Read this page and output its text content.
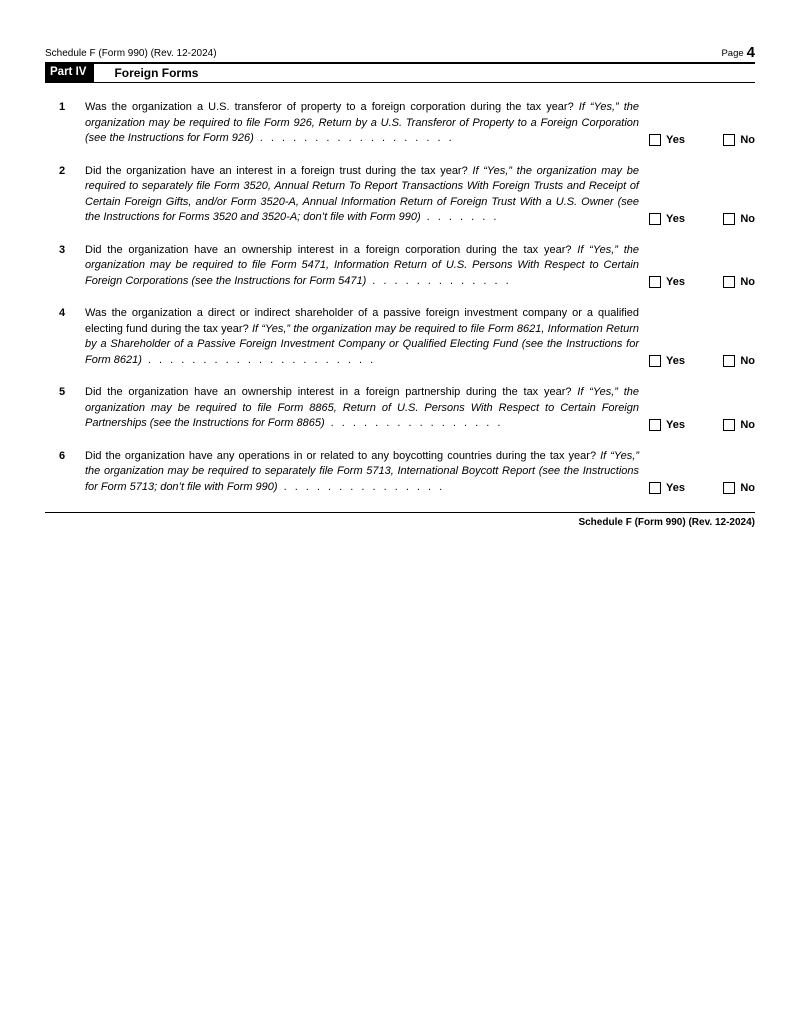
Schedule F (Form 990) (Rev. 12-2024)	Page 4
Part IV	Foreign Forms
1	Was the organization a U.S. transferor of property to a foreign corporation during the tax year? If “Yes,” the organization may be required to file Form 926, Return by a U.S. Transferor of Property to a Foreign Corporation (see the Instructions for Form 926) . . . . . . . . . . . . . . . . . .	Yes	No
2	Did the organization have an interest in a foreign trust during the tax year? If “Yes,” the organization may be required to separately file Form 3520, Annual Return To Report Transactions With Foreign Trusts and Receipt of Certain Foreign Gifts, and/or Form 3520-A, Annual Information Return of Foreign Trust With a U.S. Owner (see the Instructions for Forms 3520 and 3520-A; don’t file with Form 990) . . . . . . .	Yes	No
3	Did the organization have an ownership interest in a foreign corporation during the tax year? If “Yes,” the organization may be required to file Form 5471, Information Return of U.S. Persons With Respect to Certain Foreign Corporations (see the Instructions for Form 5471) . . . . . . . . . . . . .	Yes	No
4	Was the organization a direct or indirect shareholder of a passive foreign investment company or a qualified electing fund during the tax year? If “Yes,” the organization may be required to file Form 8621, Information Return by a Shareholder of a Passive Foreign Investment Company or Qualified Electing Fund (see the Instructions for Form 8621) . . . . . . . . . . . . . . . . . . . . .	Yes	No
5	Did the organization have an ownership interest in a foreign partnership during the tax year? If “Yes,” the organization may be required to file Form 8865, Return of U.S. Persons With Respect to Certain Foreign Partnerships (see the Instructions for Form 8865) . . . . . . . . . . . . . . . .	Yes	No
6	Did the organization have any operations in or related to any boycotting countries during the tax year? If “Yes,” the organization may be required to separately file Form 5713, International Boycott Report (see the Instructions for Form 5713; don’t file with Form 990) . . . . . . . . . . . . . . .	Yes	No
Schedule F (Form 990) (Rev. 12-2024)
